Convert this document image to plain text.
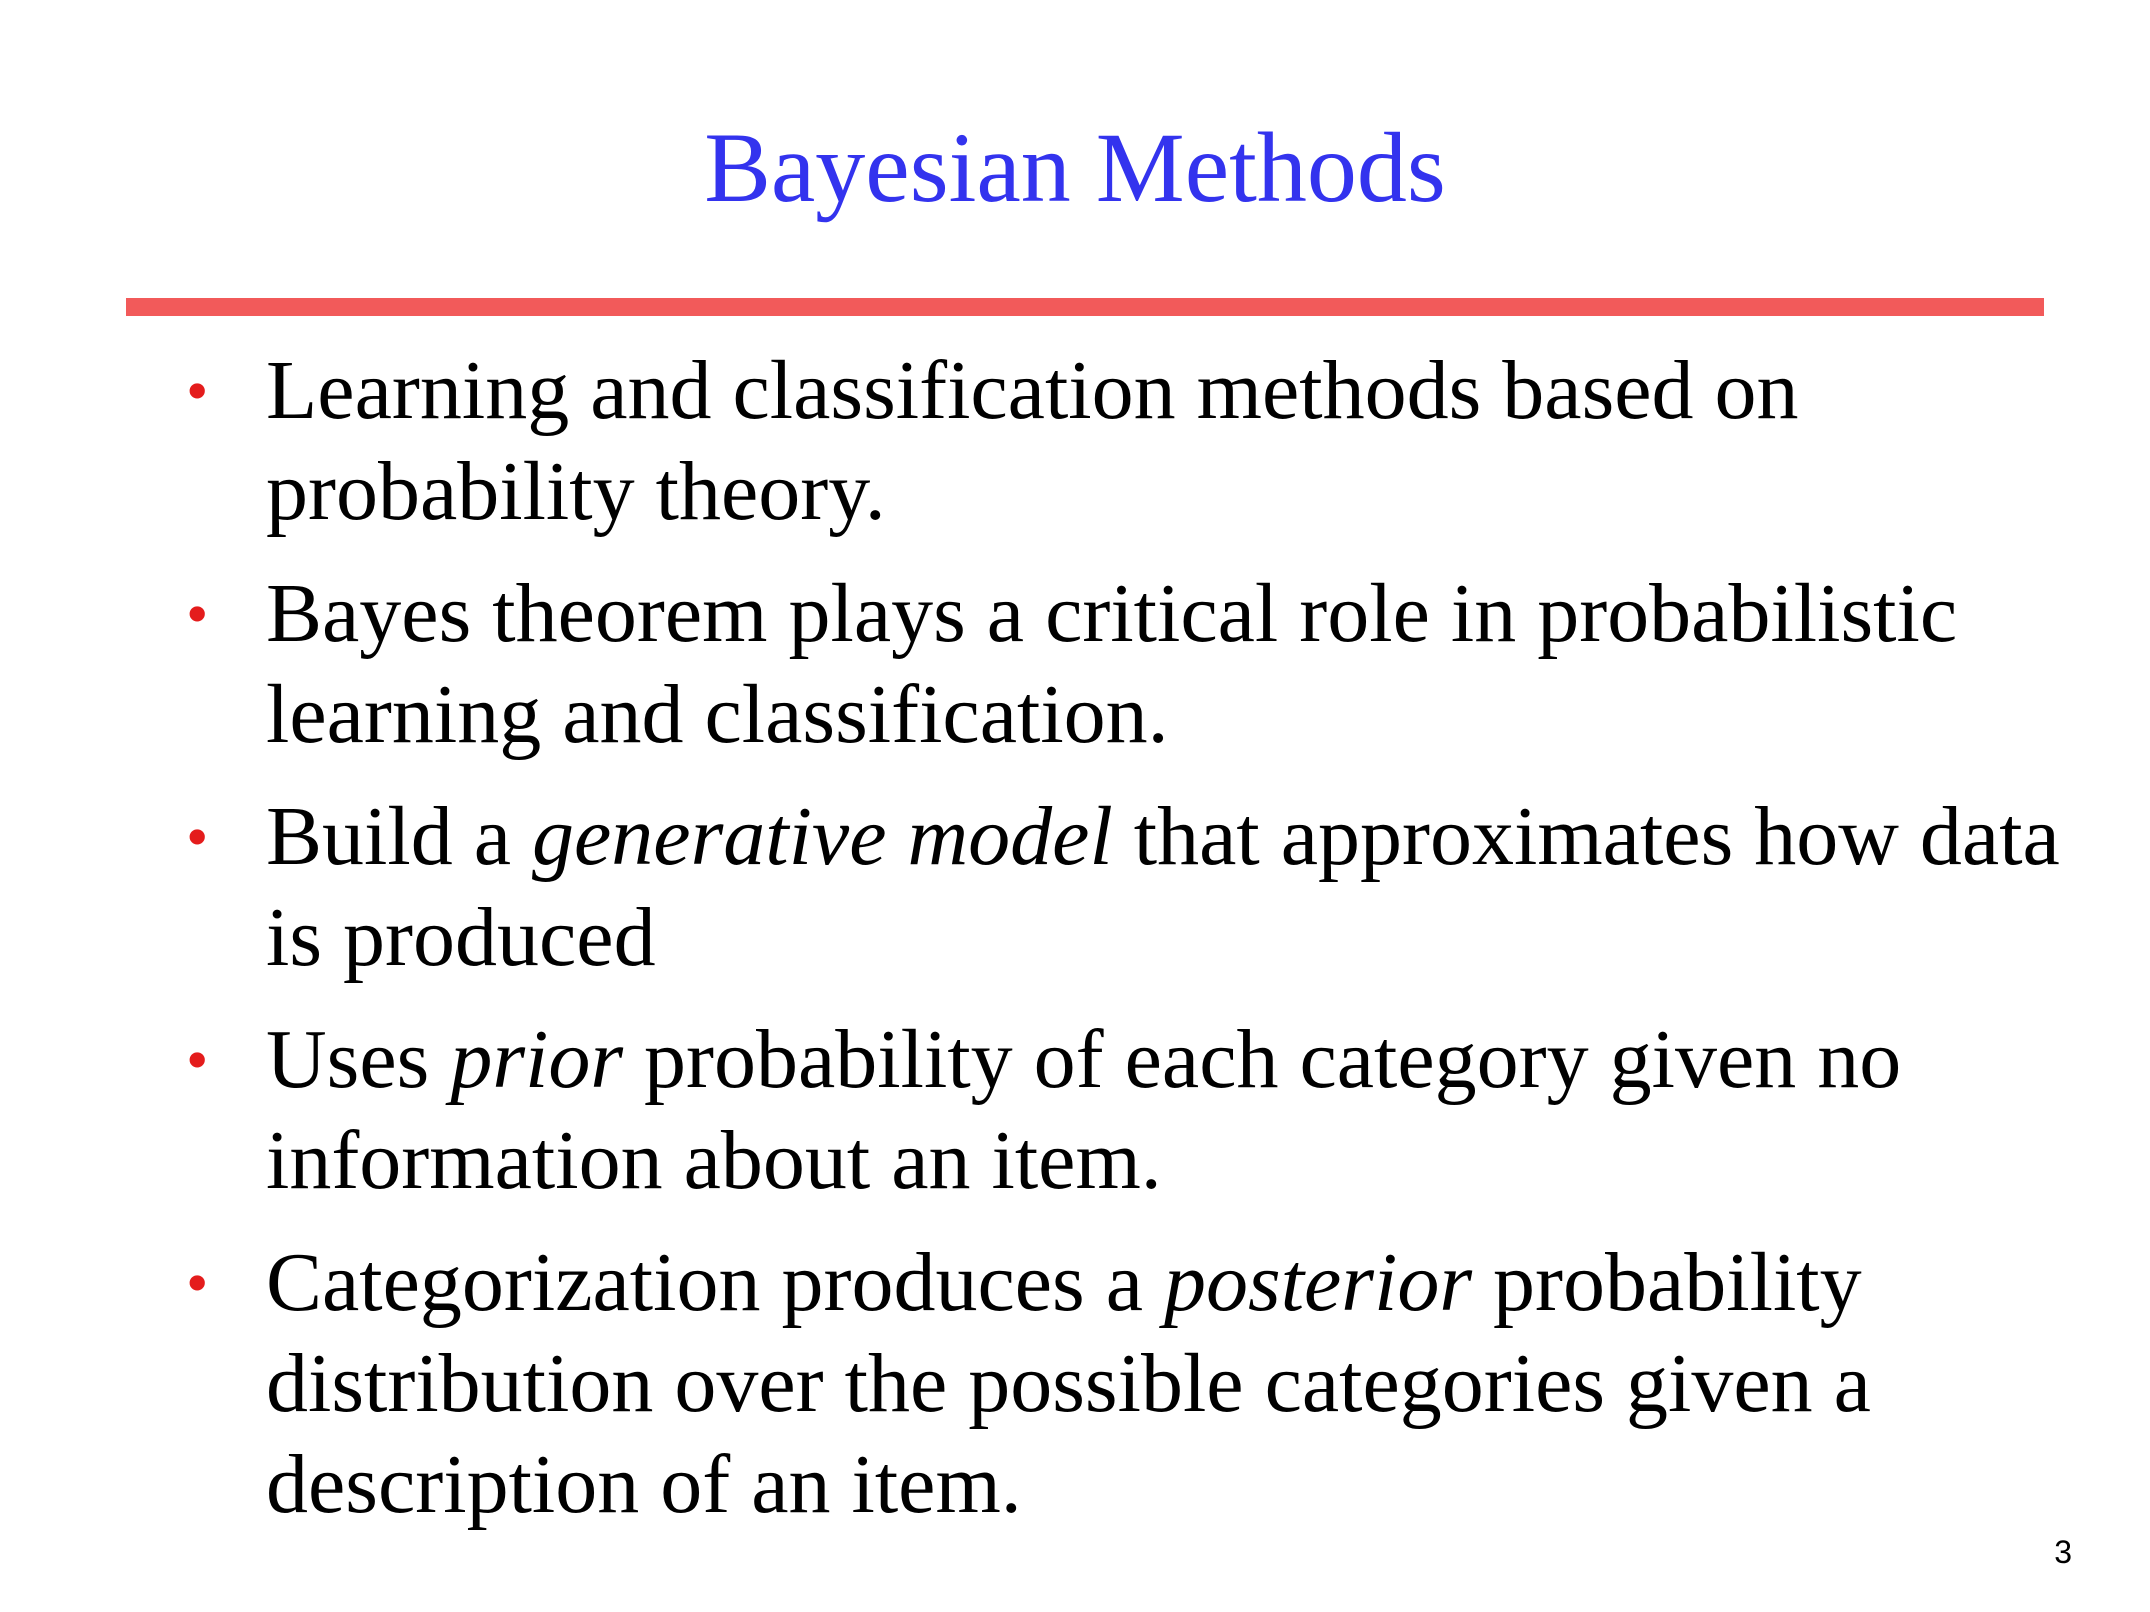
Bayesian Methods
• Learning and classification methods based on probability theory.
• Bayes theorem plays a critical role in probabilistic learning and classification.
• Build a generative model that approximates how data is produced
• Uses prior probability of each category given no information about an item.
• Categorization produces a posterior probability distribution over the possible categories given a description of an item.
3
